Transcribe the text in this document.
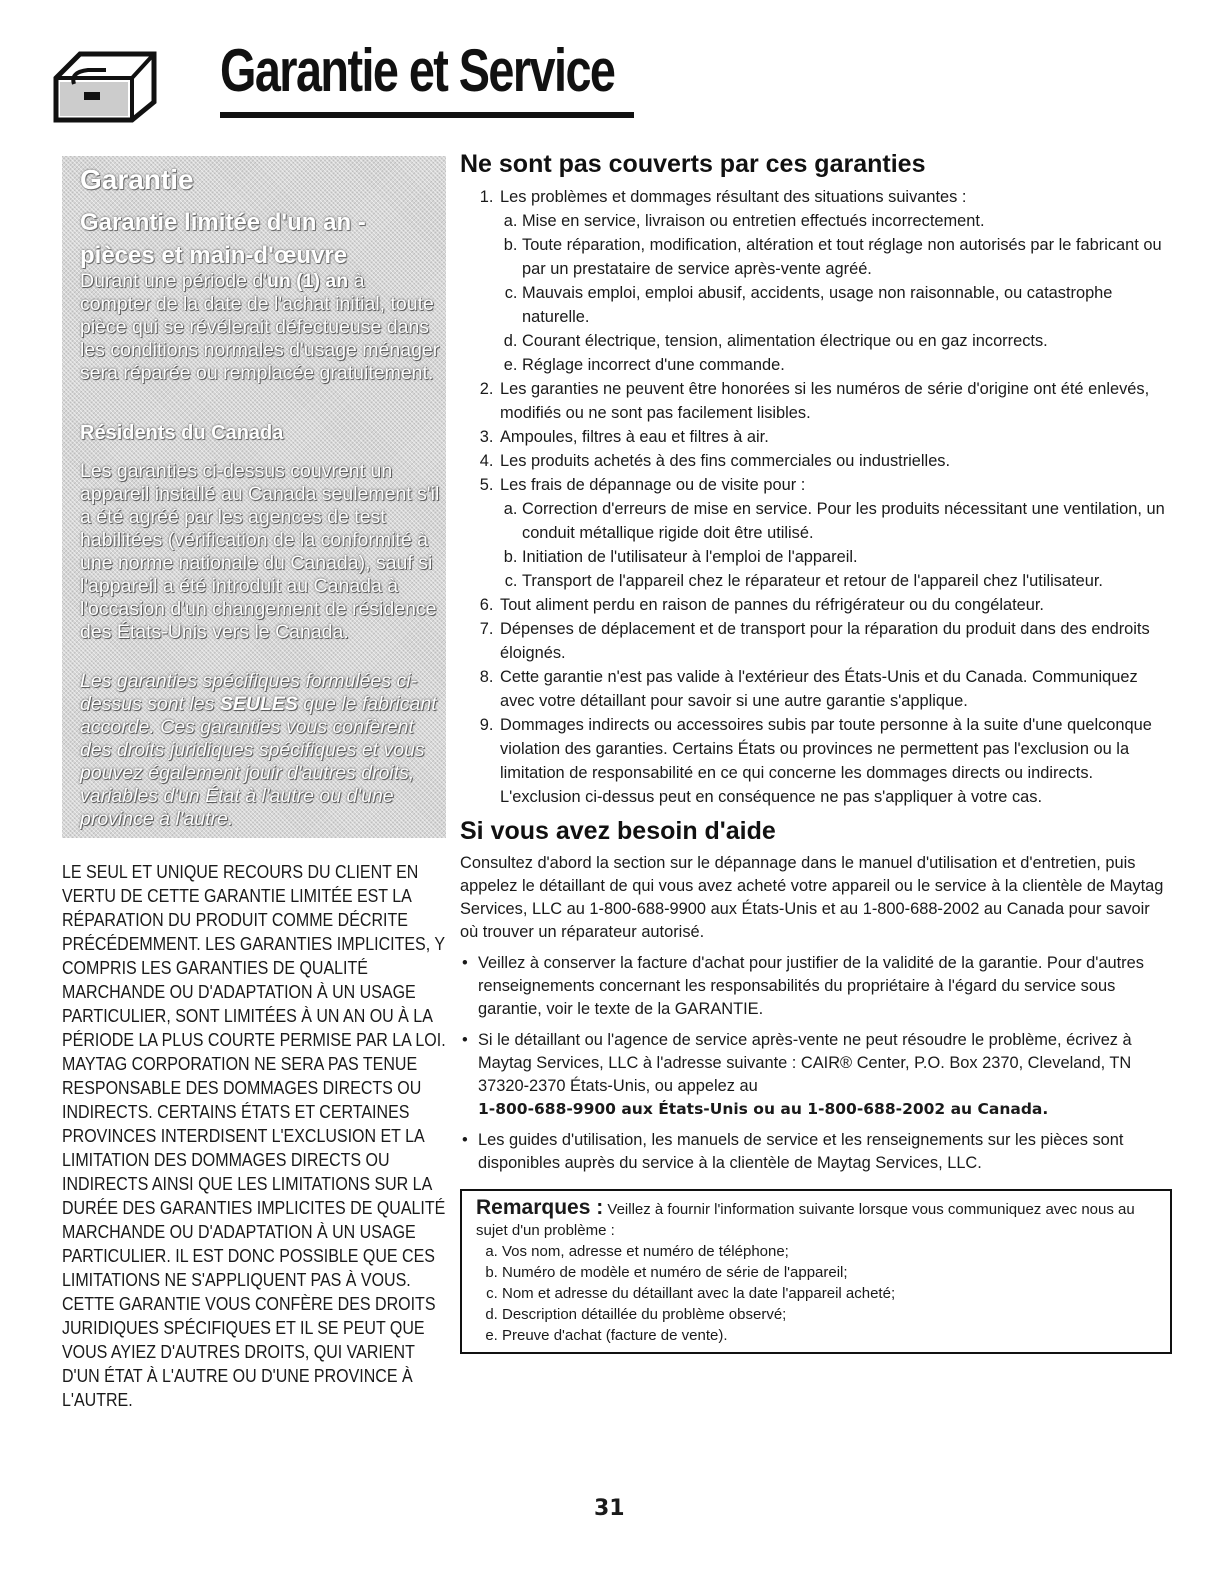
Garantie et Service
Garantie
Garantie limitée d'un an - pièces et main-d'œuvre

Durant une période d'un (1) an à compter de la date de l'achat initial, toute pièce qui se révélerait défectueuse dans les conditions normales d'usage ménager sera réparée ou remplacée gratuitement.

Résidents du Canada

Les garanties ci-dessus couvrent un appareil installé au Canada seulement s'il a été agréé par les agences de test habilitées (vérification de la conformité à une norme nationale du Canada), sauf si l'appareil a été introduit au Canada à l'occasion d'un changement de résidence des États-Unis vers le Canada.

Les garanties spécifiques formulées ci-dessus sont les SEULES que le fabricant accorde. Ces garanties vous confèrent des droits juridiques spécifiques et vous pouvez également jouir d'autres droits, variables d'un État à l'autre ou d'une province à l'autre.

LE SEUL ET UNIQUE RECOURS DU CLIENT EN VERTU DE CETTE GARANTIE LIMITÉE EST LA RÉPARATION DU PRODUIT COMME DÉCRITE PRÉCÉDEMMENT. LES GARANTIES IMPLICITES, Y COMPRIS LES GARANTIES DE QUALITÉ MARCHANDE OU D'ADAPTATION À UN USAGE PARTICULIER, SONT LIMITÉES À UN AN OU À LA PÉRIODE LA PLUS COURTE PERMISE PAR LA LOI. MAYTAG CORPORATION NE SERA PAS TENUE RESPONSABLE DES DOMMAGES DIRECTS OU INDIRECTS. CERTAINS ÉTATS ET CERTAINES PROVINCES INTERDISENT L'EXCLUSION ET LA LIMITATION DES DOMMAGES DIRECTS OU INDIRECTS AINSI QUE LES LIMITATIONS SUR LA DURÉE DES GARANTIES IMPLICITES DE QUALITÉ MARCHANDE OU D'ADAPTATION À UN USAGE PARTICULIER. IL EST DONC POSSIBLE QUE CES LIMITATIONS NE S'APPLIQUENT PAS À VOUS. CETTE GARANTIE VOUS CONFÈRE DES DROITS JURIDIQUES SPÉCIFIQUES ET IL SE PEUT QUE VOUS AYIEZ D'AUTRES DROITS, QUI VARIENT D'UN ÉTAT À L'AUTRE OU D'UNE PROVINCE À L'AUTRE.

Ne sont pas couverts par ces garanties
1. Les problèmes et dommages résultant des situations suivantes :
a. Mise en service, livraison ou entretien effectués incorrectement.
b. Toute réparation, modification, altération et tout réglage non autorisés par le fabricant ou par un prestataire de service après-vente agréé.
c. Mauvais emploi, emploi abusif, accidents, usage non raisonnable, ou catastrophe naturelle.
d. Courant électrique, tension, alimentation électrique ou en gaz incorrects.
e. Réglage incorrect d'une commande.
2. Les garanties ne peuvent être honorées si les numéros de série d'origine ont été enlevés, modifiés ou ne sont pas facilement lisibles.
3. Ampoules, filtres à eau et filtres à air.
4. Les produits achetés à des fins commerciales ou industrielles.
5. Les frais de dépannage ou de visite pour :
a. Correction d'erreurs de mise en service. Pour les produits nécessitant une ventilation, un conduit métallique rigide doit être utilisé.
b. Initiation de l'utilisateur à l'emploi de l'appareil.
c. Transport de l'appareil chez le réparateur et retour de l'appareil chez l'utilisateur.
6. Tout aliment perdu en raison de pannes du réfrigérateur ou du congélateur.
7. Dépenses de déplacement et de transport pour la réparation du produit dans des endroits éloignés.
8. Cette garantie n'est pas valide à l'extérieur des États-Unis et du Canada. Communiquez avec votre détaillant pour savoir si une autre garantie s'applique.
9. Dommages indirects ou accessoires subis par toute personne à la suite d'une quelconque violation des garanties. Certains États ou provinces ne permettent pas l'exclusion ou la limitation de responsabilité en ce qui concerne les dommages directs ou indirects. L'exclusion ci-dessus peut en conséquence ne pas s'appliquer à votre cas.
Si vous avez besoin d'aide

Consultez d'abord la section sur le dépannage dans le manuel d'utilisation et d'entretien, puis appelez le détaillant de qui vous avez acheté votre appareil ou le service à la clientèle de Maytag Services, LLC au 1-800-688-9900 aux États-Unis et au 1-800-688-2002 au Canada pour savoir où trouver un réparateur autorisé.

• Veillez à conserver la facture d'achat pour justifier de la validité de la garantie. Pour d'autres renseignements concernant les responsabilités du propriétaire à l'égard du service sous garantie, voir le texte de la GARANTIE.
• Si le détaillant ou l'agence de service après-vente ne peut résoudre le problème, écrivez à Maytag Services, LLC à l'adresse suivante : CAIR® Center, P.O. Box 2370, Cleveland, TN 37320-2370 États-Unis, ou appelez au
1-800-688-9900 aux États-Unis ou au 1-800-688-2002 au Canada.
• Les guides d'utilisation, les manuels de service et les renseignements sur les pièces sont disponibles auprès du service à la clientèle de Maytag Services, LLC.

Remarques : Veillez à fournir l'information suivante lorsque vous communiquez avec nous au sujet d'un problème :

a. Vos nom, adresse et numéro de téléphone;
b. Numéro de modèle et numéro de série de l'appareil;
c. Nom et adresse du détaillant avec la date l'appareil acheté;
d. Description détaillée du problème observé;
e. Preuve d'achat (facture de vente).
31
